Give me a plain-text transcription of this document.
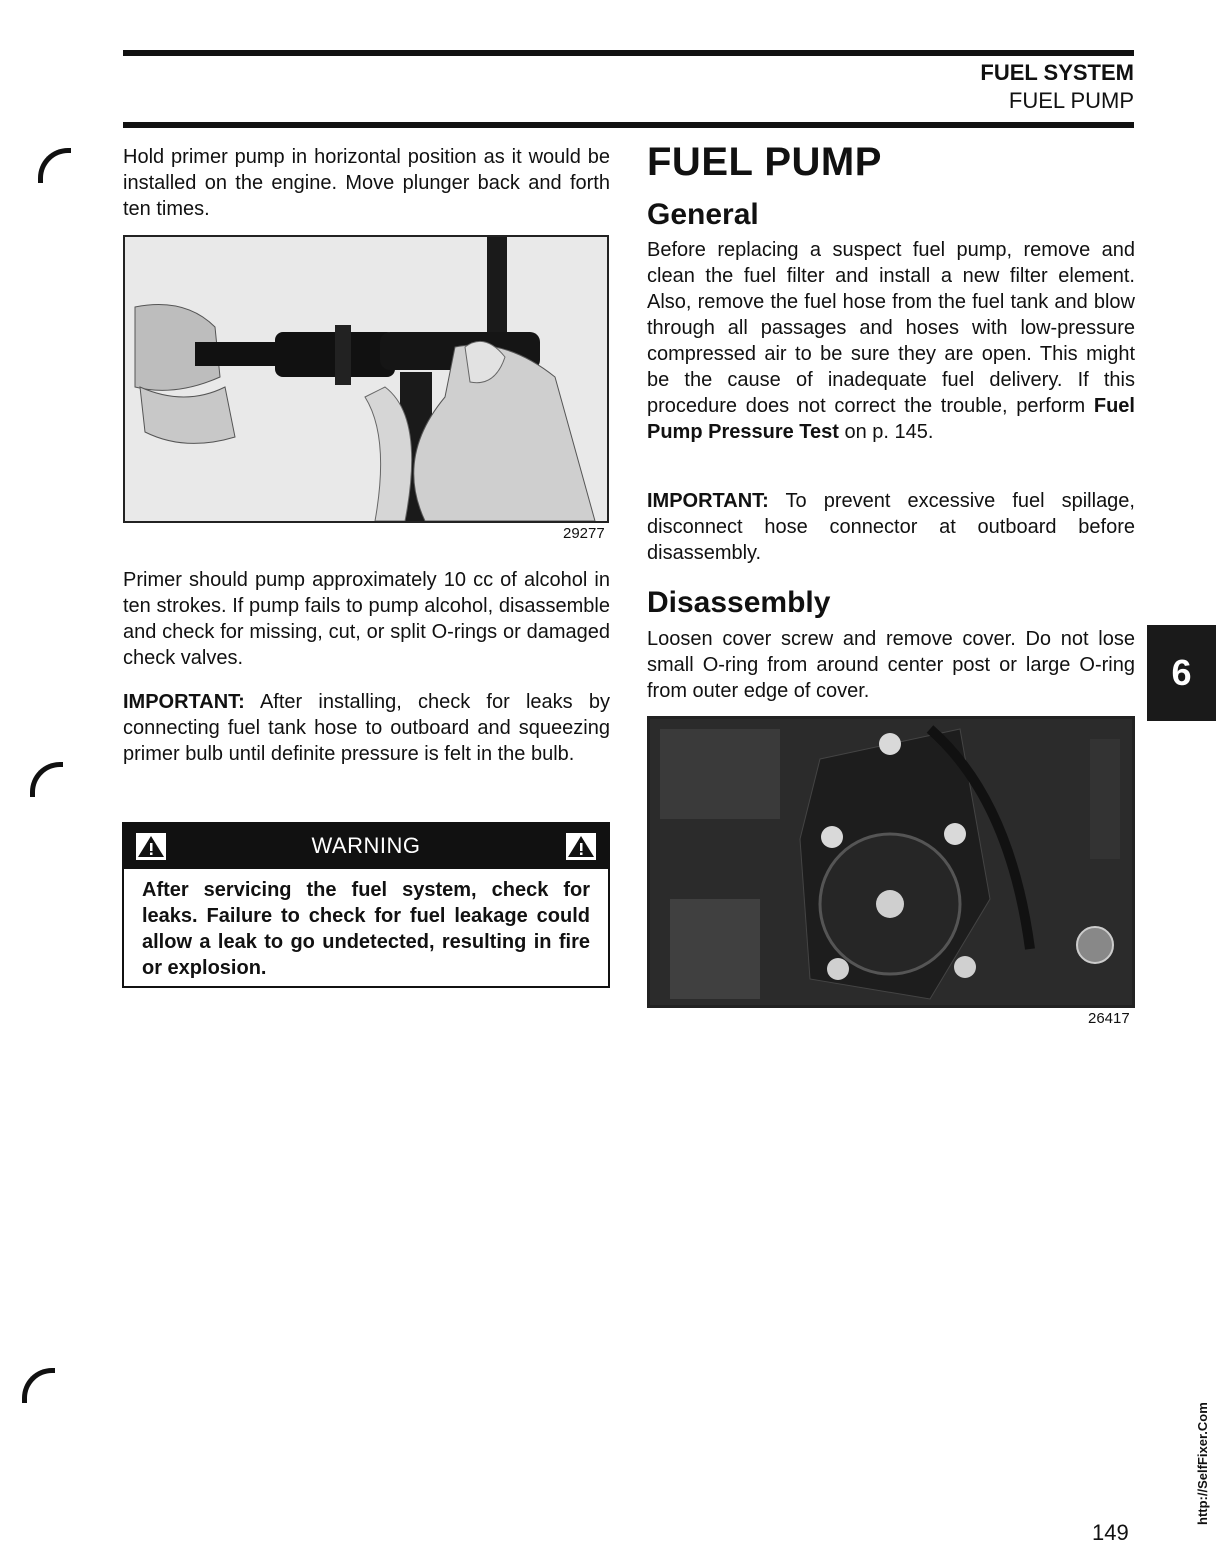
FUEL SYSTEM
FUEL PUMP

Hold primer pump in horizontal position as it would be installed on the engine. Move plunger back and forth ten times.

29277

Primer should pump approximately 10 cc of alcohol in ten strokes. If pump fails to pump alcohol, disassemble and check for missing, cut, or split O-rings or damaged check valves.

IMPORTANT: After installing, check for leaks by connecting fuel tank hose to outboard and squeezing primer bulb until definite pressure is felt in the bulb.

WARNING
After servicing the fuel system, check for leaks. Failure to check for fuel leakage could allow a leak to go undetected, resulting in fire or explosion.
FUEL PUMP
General

Before replacing a suspect fuel pump, remove and clean the fuel filter and install a new filter element. Also, remove the fuel hose from the fuel tank and blow through all passages and hoses with low-pressure compressed air to be sure they are open. This might be the cause of inadequate fuel delivery. If this procedure does not correct the trouble, perform Fuel Pump Pressure Test on p. 145.

IMPORTANT: To prevent excessive fuel spillage, disconnect hose connector at outboard before disassembly.

Disassembly

Loosen cover screw and remove cover. Do not lose small O-ring from around center post or large O-ring from outer edge of cover.

26417
6
http://SelfFixer.Com
149
